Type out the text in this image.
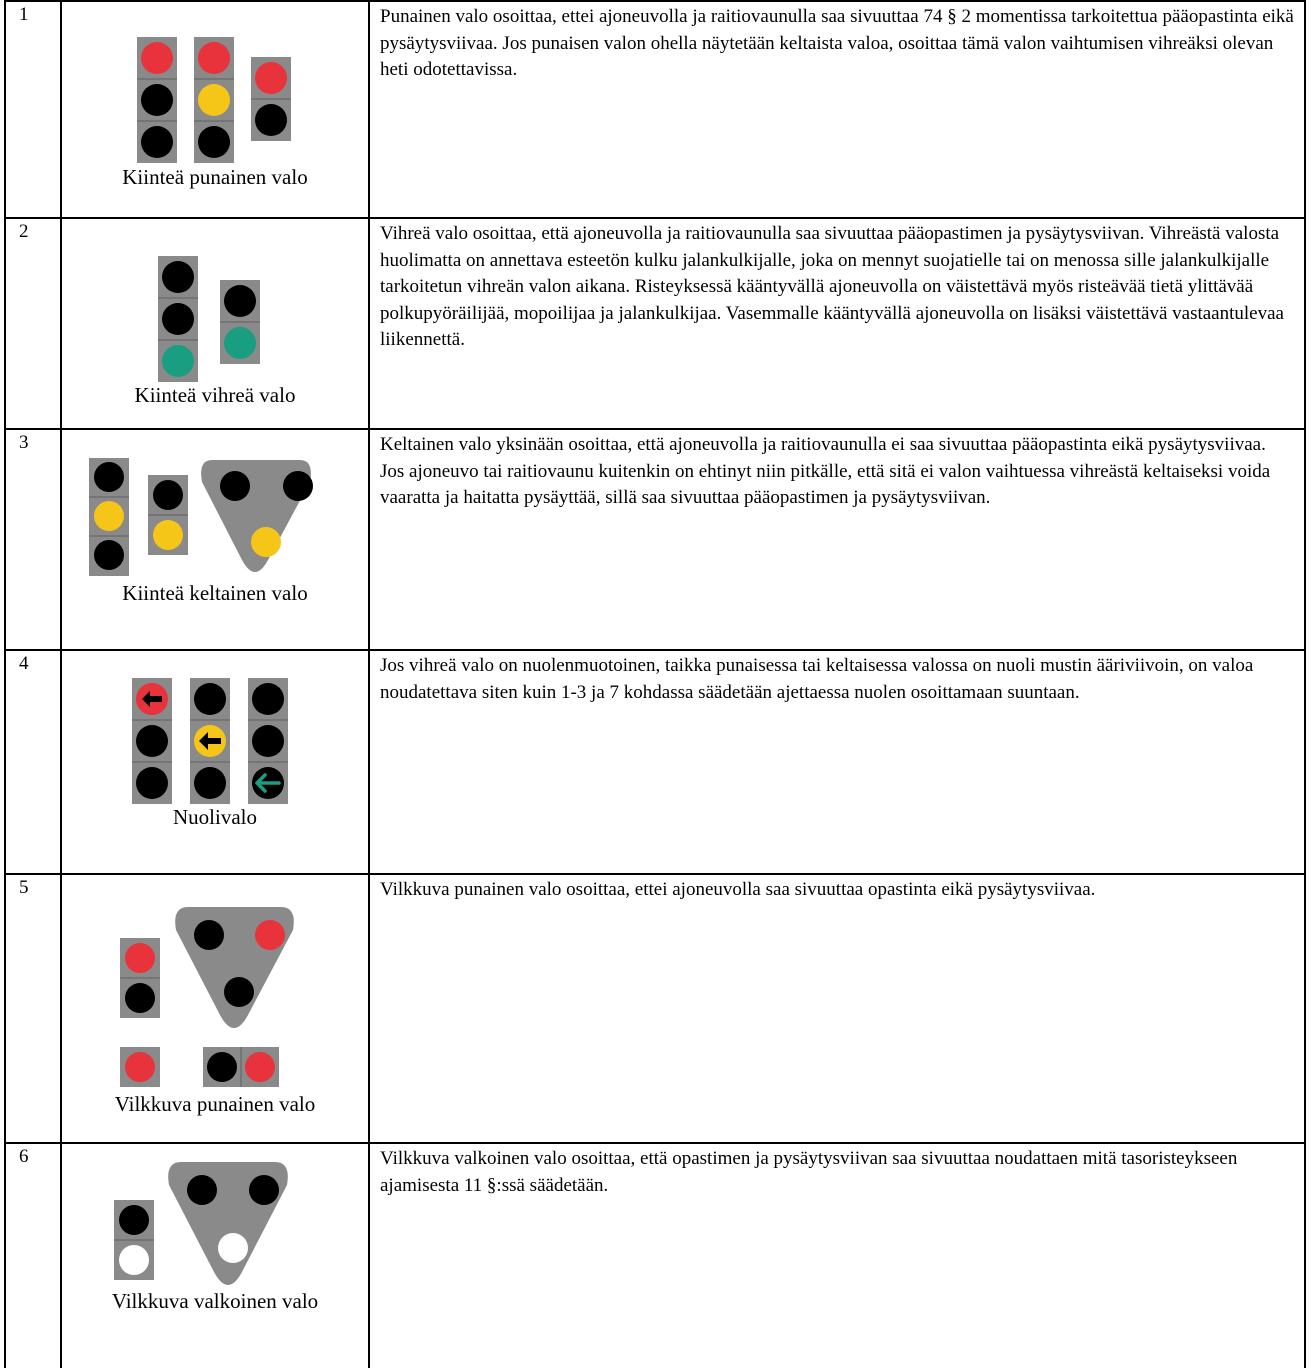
1	Kiinteä punainen valo	Punainen valo osoittaa, ettei ajoneuvolla ja raitiovaunulla saa sivuuttaa 74 § 2 momentissa tarkoitettua pääopastinta eikä pysäytysviivaa. Jos punaisen valon ohella näytetään keltaista valoa, osoittaa tämä valon vaihtumisen vihreäksi olevan heti odotettavissa.
2	Kiinteä vihreä valo	Vihreä valo osoittaa, että ajoneuvolla ja raitiovaunulla saa sivuuttaa pääopastimen ja pysäytysviivan. Vihreästä valosta huolimatta on annettava esteetön kulku jalankulkijalle, joka on mennyt suojatielle tai on menossa sille jalankulkijalle tarkoitetun vihreän valon aikana. Risteyksessä kääntyvällä ajoneuvolla on väistettävä myös risteävää tietä ylittävää polkupyöräilijää, mopoilijaa ja jalankulkijaa. Vasemmalle kääntyvällä ajoneuvolla on lisäksi väistettävä vastaantulevaa liikennettä.
3	Kiinteä keltainen valo	Keltainen valo yksinään osoittaa, että ajoneuvolla ja raitiovaunulla ei saa sivuuttaa pääopastinta eikä pysäytysviivaa. Jos ajoneuvo tai raitiovaunu kuitenkin on ehtinyt niin pitkälle, että sitä ei valon vaihtuessa vihreästä keltaiseksi voida vaaratta ja haitatta pysäyttää, sillä saa sivuuttaa pääopastimen ja pysäytysviivan.
4	Nuolivalo	Jos vihreä valo on nuolenmuotoinen, taikka punaisessa tai keltaisessa valossa on nuoli mustin ääriviivoin, on valoa noudatettava siten kuin 1-3 ja 7 kohdassa säädetään ajettaessa nuolen osoittamaan suuntaan.
5	Vilkkuva punainen valo	Vilkkuva punainen valo osoittaa, ettei ajoneuvolla saa sivuuttaa opastinta eikä pysäytysviivaa.
6	Vilkkuva valkoinen valo	Vilkkuva valkoinen valo osoittaa, että opastimen ja pysäytysviivan saa sivuuttaa noudattaen mitä tasoristeykseen ajamisesta 11 §:ssä säädetään.
